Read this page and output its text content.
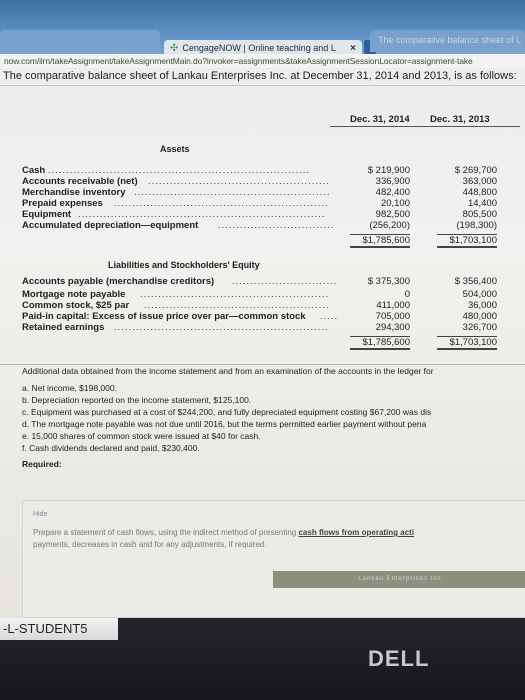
✣ CengageNOW | Online teaching and L ×
The comparative balance sheet of L
now.com/ilrn/takeAssignment/takeAssignmentMain.do?invoker=assignments&takeAssignmentSessionLocator=assignment-take
The comparative balance sheet of Lankau Enterprises Inc. at December 31, 2014 and 2013, is as follows:
Dec. 31, 2014 Dec. 31, 2013
Assets
Cash ........................................................................	$ 219,900	$ 269,700
Accounts receivable (net) ..................................................	336,900	363,000
Merchandise inventory ......................................................	482,400	448,800
Prepaid expenses ...........................................................	20,100	14,400
Equipment ....................................................................	982,500	805,500
Accumulated depreciation—equipment ................................	(256,200)	(198,300)
$1,785,600	$1,703,100
Liabilities and Stockholders' Equity
Accounts payable (merchandise creditors) .............................	$ 375,300	$ 356,400
Mortgage note payable ....................................................	0	504,000
Common stock, $25 par ...................................................	411,000	36,000
Paid-in capital: Excess of issue price over par—common stock .....	705,000	480,000
Retained earnings ...........................................................	294,300	326,700
$1,785,600	$1,703,100

Additional data obtained from the income statement and from an examination of the accounts in the ledger for

a. Net income, $198,000.

b. Depreciation reported on the income statement, $125,100.

c. Equipment was purchased at a cost of $244,200, and fully depreciated equipment costing $67,200 was dis

d. The mortgage note payable was not due until 2016, but the terms permitted earlier payment without pena

e. 15,000 shares of common stock were issued at $40 for cash.

f. Cash dividends declared and paid, $230,400.

Required:

Hide
Prepare a statement of cash flows, using the indirect method of presenting cash flows from operating acti
payments, decreases in cash and for any adjustments, if required.
Lankau Enterprises Inc
-L-STUDENT5
DELL
